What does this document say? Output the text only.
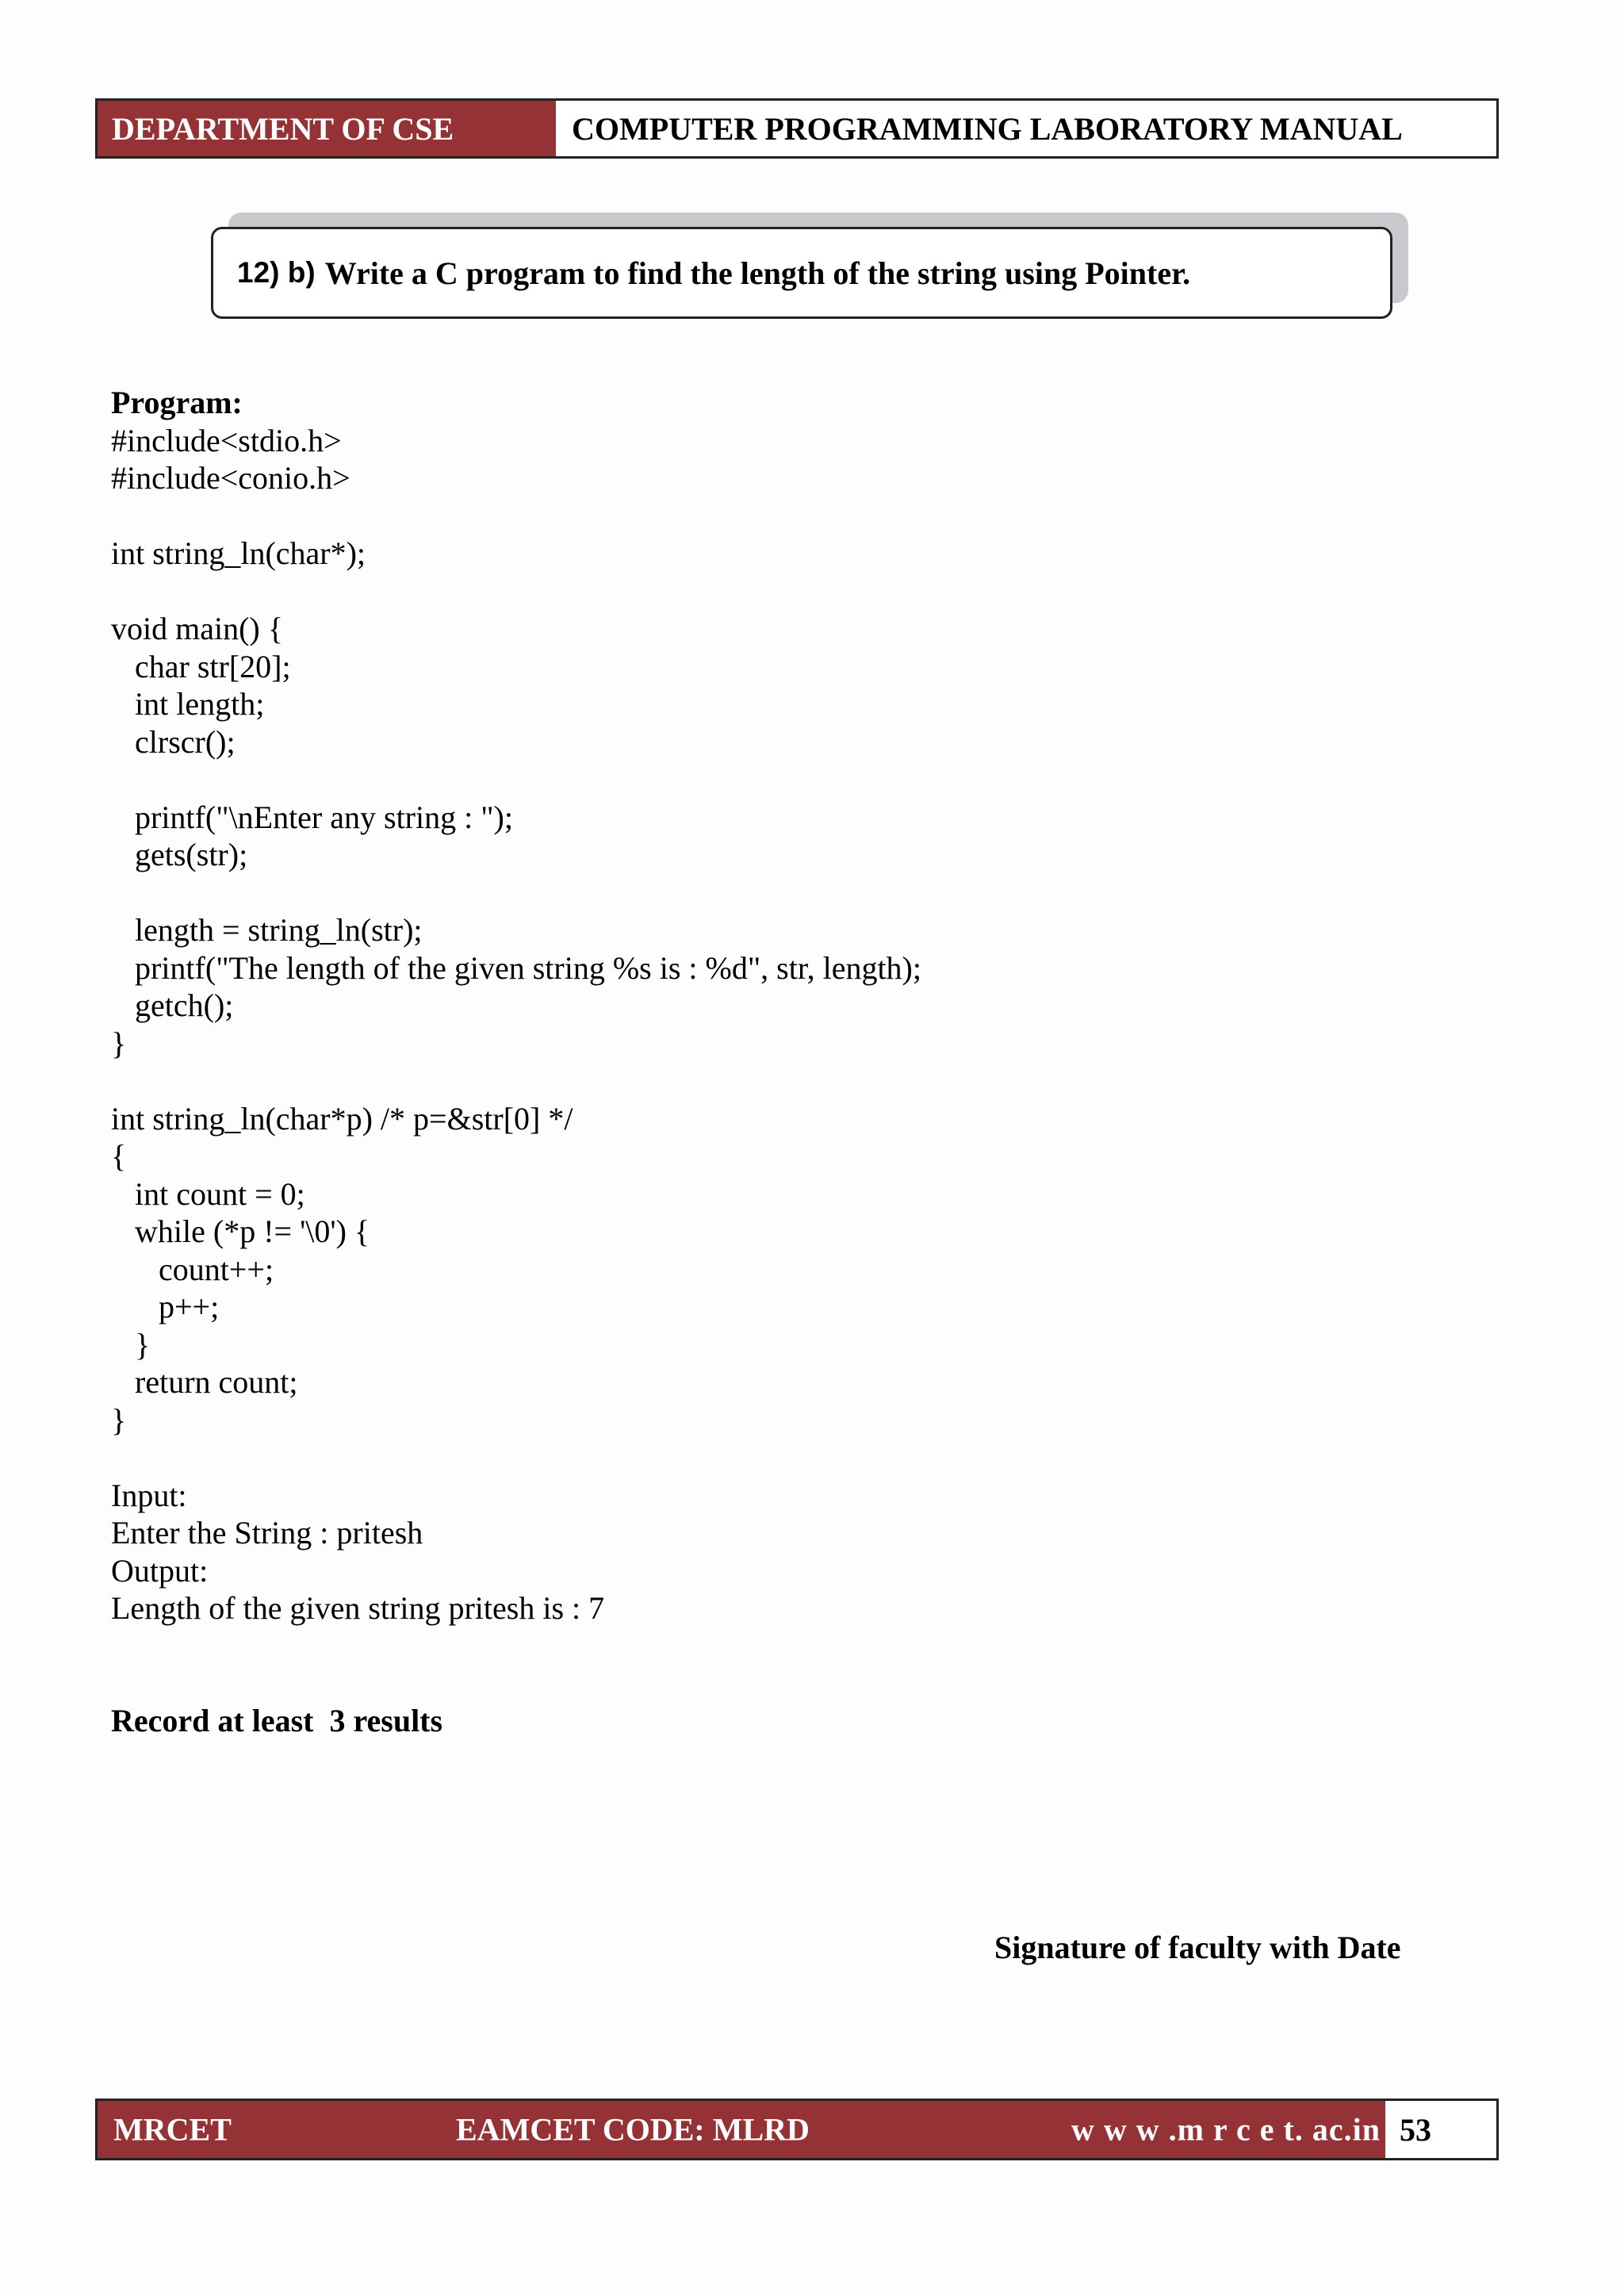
DEPARTMENT OF CSE	COMPUTER PROGRAMMING LABORATORY MANUAL
12) b) Write a C program to find the length of the string using Pointer.
Program:
#include<stdio.h>
#include<conio.h>

int string_ln(char*);

void main() {
char str[20];
int length;
clrscr();

printf("\nEnter any string : ");
gets(str);

length = string_ln(str);
printf("The length of the given string %s is : %d", str, length);
getch();
}

int string_ln(char*p) /* p=&str[0] */
{
int count = 0;
while (*p != '\0') {
count++;
p++;
}
return count;
}
Input:
Enter the String : pritesh
Output:
Length of the given string pritesh is : 7
Record at least  3 results
Signature of faculty with Date
MRCET	EAMCET CODE: MLRD	w w w .m r c e t. ac.in 53
